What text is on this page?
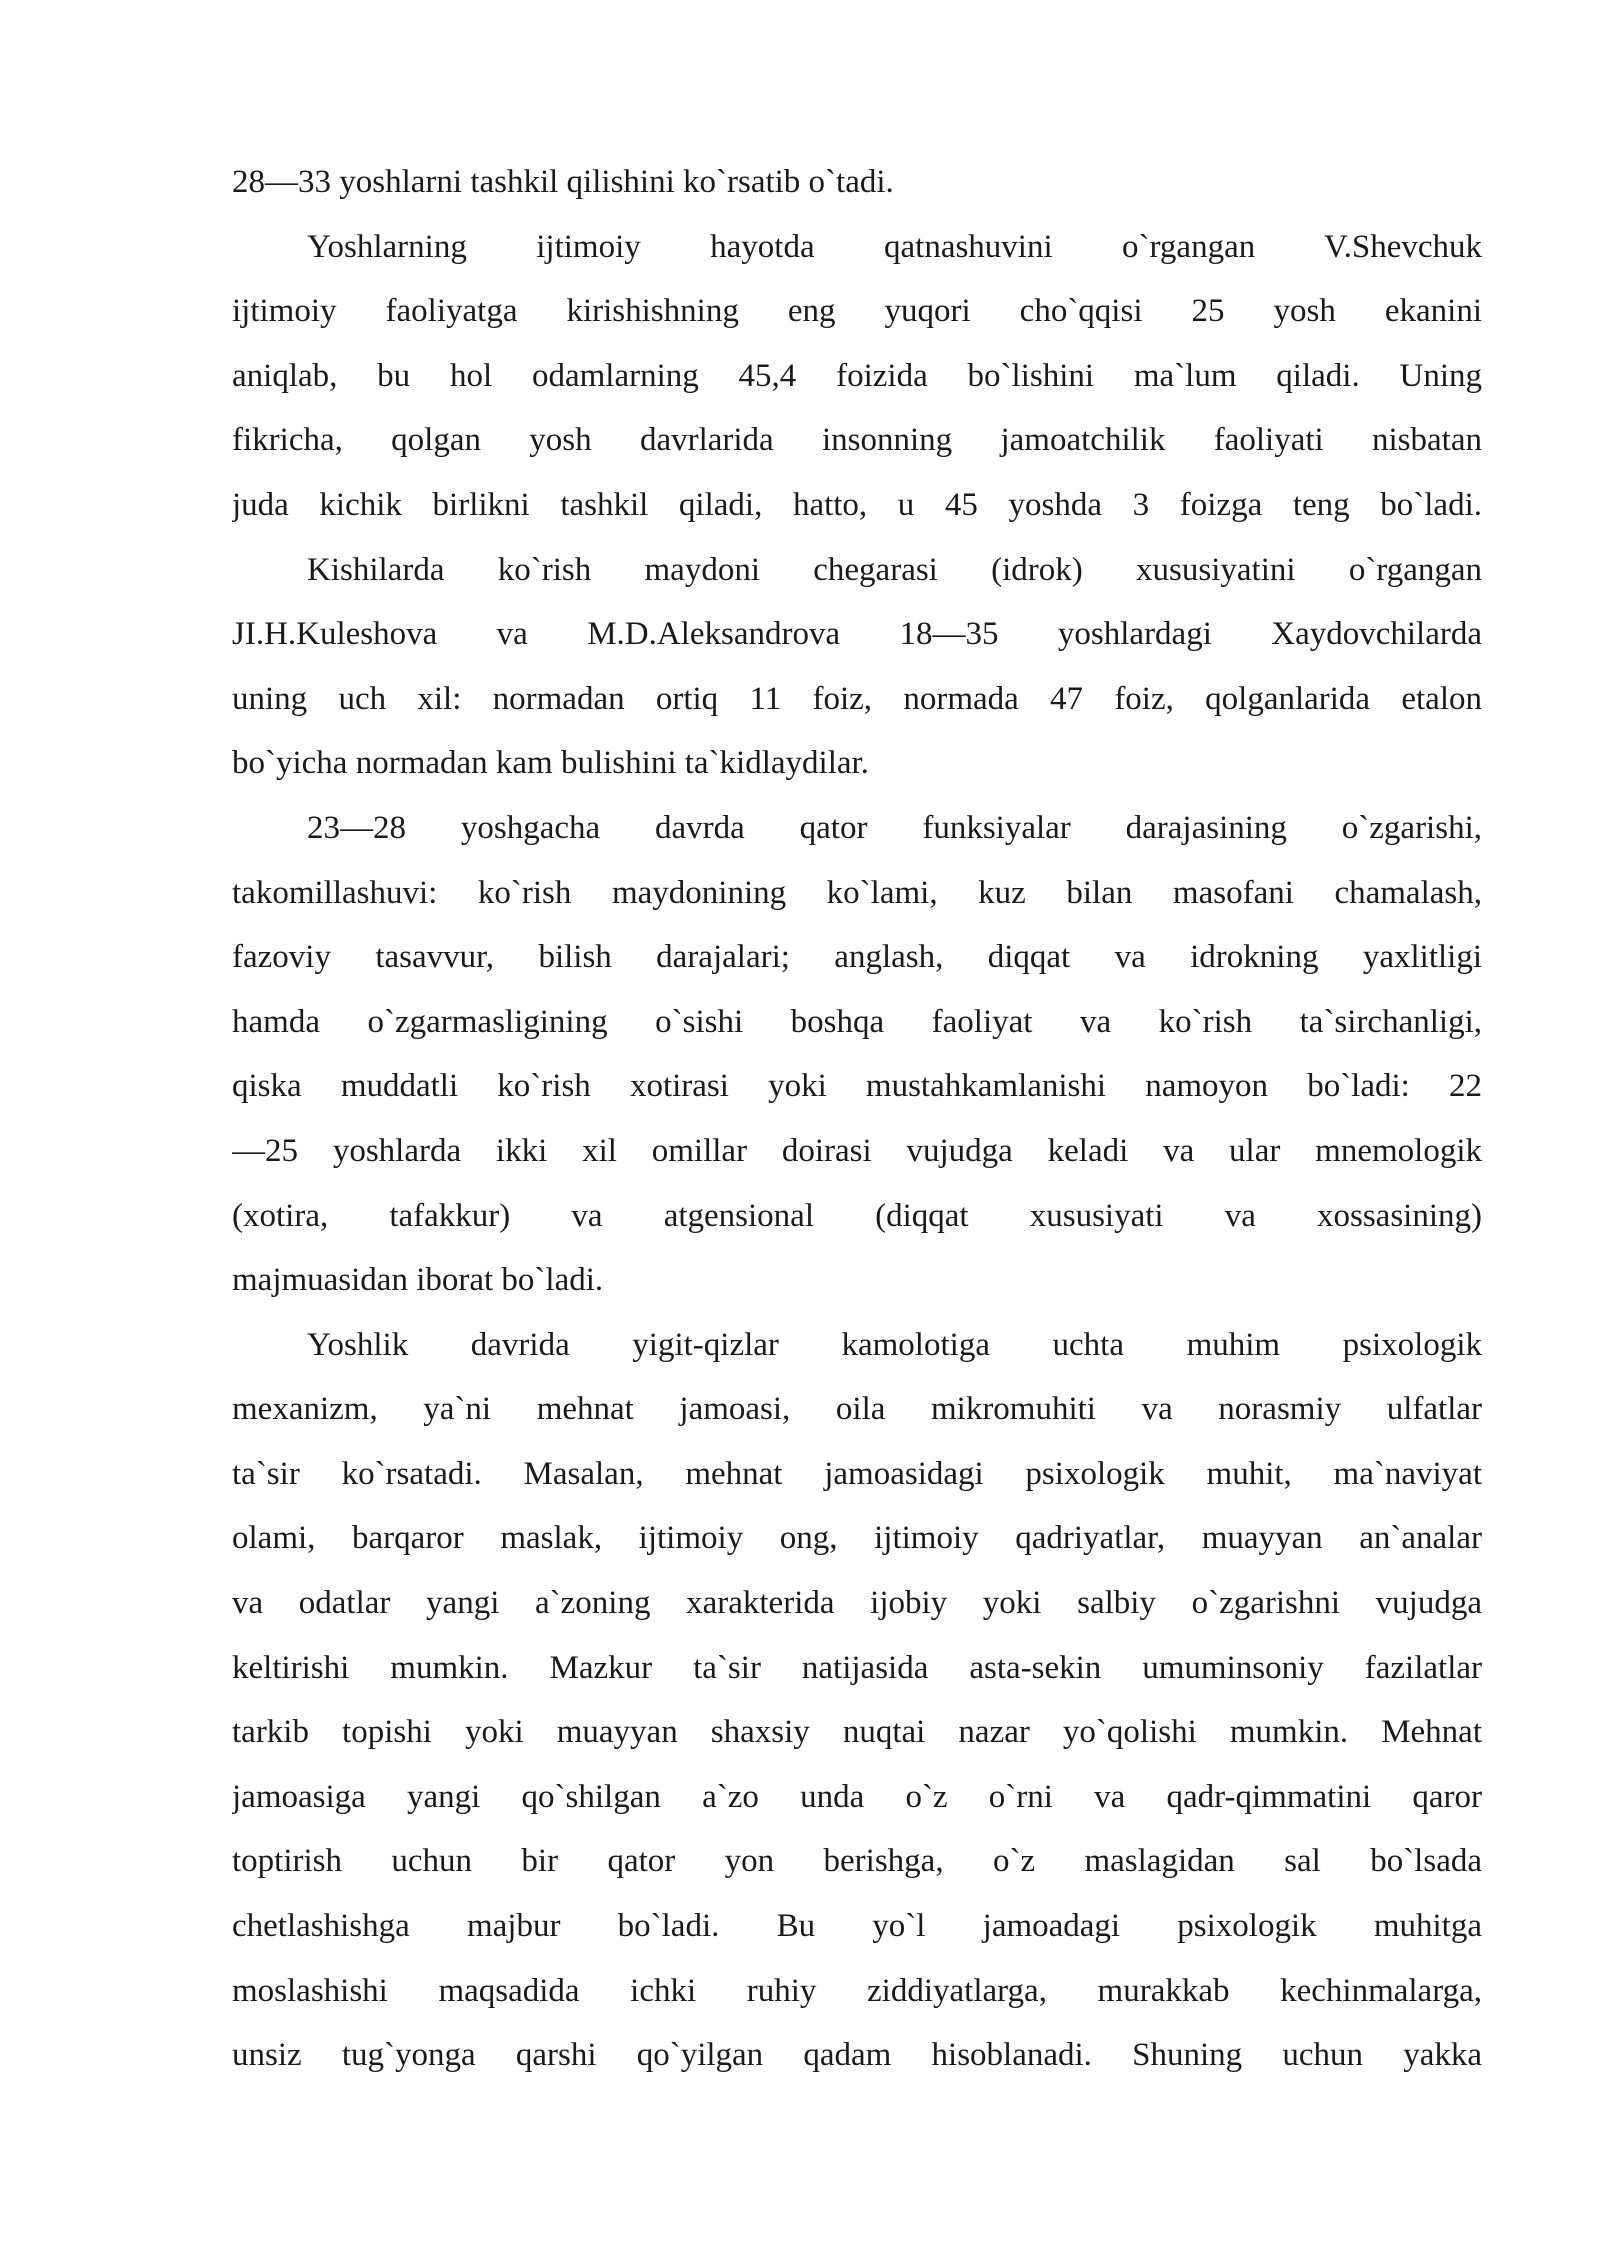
28—33 yoshlarni tashkil qilishini ko`rsatib o`tadi.
Yoshlarning ijtimoiy hayotda qatnashuvini o`rgangan V.Shevchuk
ijtimoiy faoliyatga kirishishning eng yuqori cho`qqisi 25 yosh ekanini
aniqlab, bu hol odamlarning 45,4 foizida bo`lishini ma`lum qiladi. Uning
fikricha, qolgan yosh davrlarida insonning jamoatchilik faoliyati nisbatan
juda kichik birlikni tashkil qiladi, hatto, u 45 yoshda 3 foizga teng bo`ladi.
Kishilarda ko`rish maydoni chegarasi (idrok) xususiyatini o`rgangan
JI.H.Kuleshova va M.D.Aleksandrova 18—35 yoshlardagi Xaydovchilarda
uning uch xil: normadan ortiq 11 foiz, normada 47 foiz, qolganlarida etalon
bo`yicha normadan kam bulishini ta`kidlaydilar.
23—28 yoshgacha davrda qator funksiyalar darajasining o`zgarishi,
takomillashuvi: ko`rish maydonining ko`lami, kuz bilan masofani chamalash,
fazoviy tasavvur, bilish darajalari; anglash, diqqat va idrokning yaxlitligi
hamda o`zgarmasligining o`sishi boshqa faoliyat va ko`rish ta`sirchanligi,
qiska muddatli ko`rish xotirasi yoki mustahkamlanishi namoyon bo`ladi: 22
—25 yoshlarda ikki xil omillar doirasi vujudga keladi va ular mnemologik
(xotira, tafakkur) va atgensional (diqqat xususiyati va xossasining)
majmuasidan iborat bo`ladi.
Yoshlik davrida yigit-qizlar kamolotiga uchta muhim psixologik
mexanizm, ya`ni mehnat jamoasi, oila mikromuhiti va norasmiy ulfatlar
ta`sir ko`rsatadi. Masalan, mehnat jamoasidagi psixologik muhit, ma`naviyat
olami, barqaror maslak, ijtimoiy ong, ijtimoiy qadriyatlar, muayyan an`analar
va odatlar yangi a`zoning xarakterida ijobiy yoki salbiy o`zgarishni vujudga
keltirishi mumkin. Mazkur ta`sir natijasida asta-sekin umuminsoniy fazilatlar
tarkib topishi yoki muayyan shaxsiy nuqtai nazar yo`qolishi mumkin. Mehnat
jamoasiga yangi qo`shilgan a`zo unda o`z o`rni va qadr-qimmatini qaror
toptirish uchun bir qator yon berishga, o`z maslagidan sal bo`lsada
chetlashishga majbur bo`ladi. Bu yo`l jamoadagi psixologik muhitga
moslashishi maqsadida ichki ruhiy ziddiyatlarga, murakkab kechinmalarga,
unsiz tug`yonga qarshi qo`yilgan qadam hisoblanadi. Shuning uchun yakka
